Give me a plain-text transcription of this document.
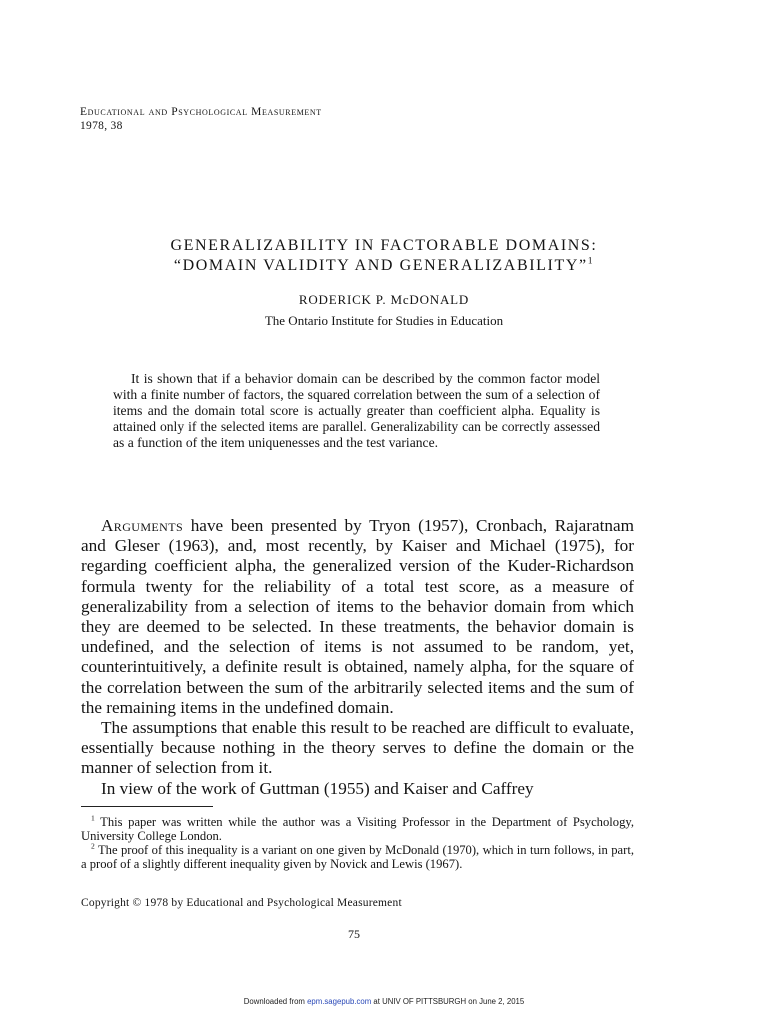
Educational and Psychological Measurement
1978, 38
GENERALIZABILITY IN FACTORABLE DOMAINS:
“DOMAIN VALIDITY AND GENERALIZABILITY”$^1$
RODERICK P. McDONALD
The Ontario Institute for Studies in Education

It is shown that if a behavior domain can be described by the common factor model with a finite number of factors, the squared correlation between the sum of a selection of items and the domain total score is actually greater than coefficient alpha. Equality is attained only if the selected items are parallel. Generalizability can be correctly assessed as a function of the item uniquenesses and the test variance.

Arguments have been presented by Tryon (1957), Cronbach, Rajaratnam and Gleser (1963), and, most recently, by Kaiser and Michael (1975), for regarding coefficient alpha, the generalized version of the Kuder-Richardson formula twenty for the reliability of a total test score, as a measure of generalizability from a selection of items to the behavior domain from which they are deemed to be selected. In these treatments, the behavior domain is undefined, and the selection of items is not assumed to be random, yet, counterintuitively, a definite result is obtained, namely alpha, for the square of the correlation between the sum of the arbitrarily selected items and the sum of the remaining items in the undefined domain.

The assumptions that enable this result to be reached are difficult to evaluate, essentially because nothing in the theory serves to define the domain or the manner of selection from it.

In view of the work of Guttman (1955) and Kaiser and Caffrey

$^1$ This paper was written while the author was a Visiting Professor in the Department of Psychology, University College London.

$^2$ The proof of this inequality is a variant on one given by McDonald (1970), which in turn follows, in part, a proof of a slightly different inequality given by Novick and Lewis (1967).

Copyright © 1978 by Educational and Psychological Measurement
75
Downloaded from epm.sagepub.com at UNIV OF PITTSBURGH on June 2, 2015
